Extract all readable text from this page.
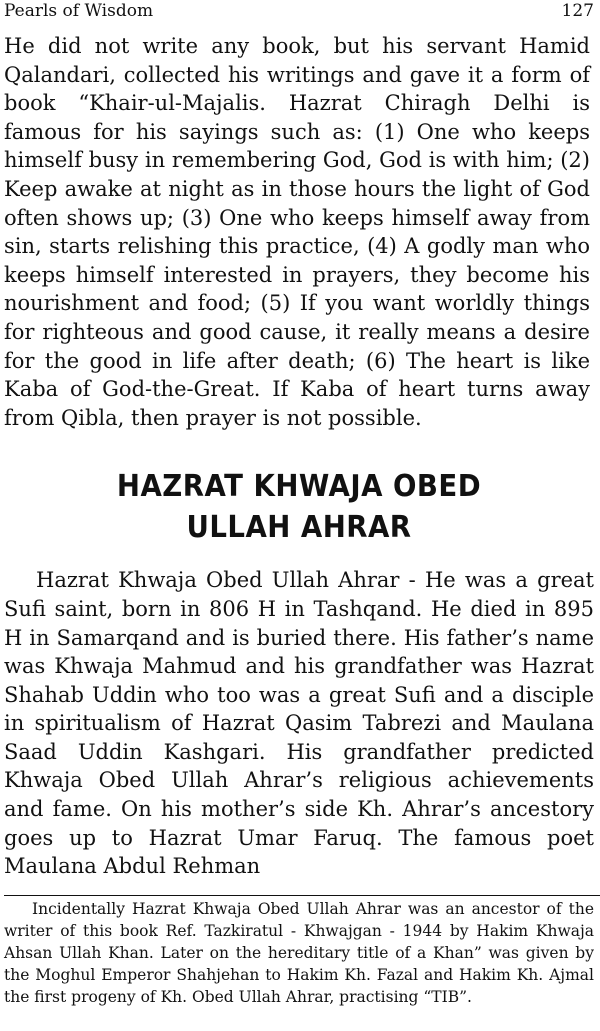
Pearls of Wisdom	127

He did not write any book, but his servant Hamid Qalandari, collected his writings and gave it a form of book “Khair-ul-Majalis. Hazrat Chiragh Delhi is famous for his sayings such as: (1) One who keeps himself busy in remembering God, God is with him; (2) Keep awake at night as in those hours the light of God often shows up; (3) One who keeps himself away from sin, starts relishing this practice, (4) A godly man who keeps himself interested in prayers, they become his nourishment and food; (5) If you want worldly things for righteous and good cause, it really means a desire for the good in life after death; (6) The heart is like Kaba of God-the-Great. If Kaba of heart turns away from Qibla, then prayer is not possible.

HAZRAT KHWAJA OBED
ULLAH AHRAR

Hazrat Khwaja Obed Ullah Ahrar - He was a great Sufi saint, born in 806 H in Tashqand. He died in 895 H in Samarqand and is buried there. His father’s name was Khwaja Mahmud and his grandfather was Hazrat Shahab Uddin who too was a great Sufi and a disciple in spiritualism of Hazrat Qasim Tabrezi and Maulana Saad Uddin Kashgari. His grandfather predicted Khwaja Obed Ullah Ahrar’s religious achievements and fame. On his mother’s side Kh. Ahrar’s ancestory goes up to Hazrat Umar Faruq. The famous poet Maulana Abdul Rehman

Incidentally Hazrat Khwaja Obed Ullah Ahrar was an ancestor of the writer of this book Ref. Tazkiratul - Khwajgan - 1944 by Hakim Khwaja Ahsan Ullah Khan. Later on the hereditary title of a Khan” was given by the Moghul Emperor Shahjehan to Hakim Kh. Fazal and Hakim Kh. Ajmal the first progeny of Kh. Obed Ullah Ahrar, practising “TIB”.
